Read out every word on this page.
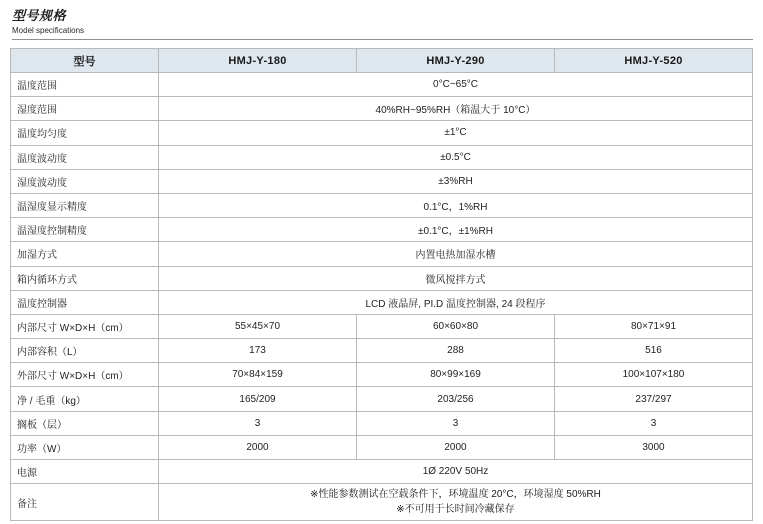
型号规格
Model specifications
型号	HMJ-Y-180	HMJ-Y-290	HMJ-Y-520
温度范围	0°C~65°C		
湿度范围	40%RH~95%RH（箱温大于 10°C）		
温度均匀度	±1°C		
温度波动度	±0.5°C		
湿度波动度	±3%RH		
温湿度显示精度	0.1°C，1%RH		
温湿度控制精度	±0.1°C，±1%RH		
加湿方式	内置电热加湿水槽		
箱内循环方式	微风搅拌方式		
温度控制器	LCD 液晶屏, PI.D 温度控制器, 24 段程序		
内部尺寸 W×D×H（cm）	55×45×70	60×60×80	80×71×91
内部容积（L）	173	288	516
外部尺寸 W×D×H（cm）	70×84×159	80×99×169	100×107×180
净 / 毛重（kg）	165/209	203/256	237/297
搁板（层）	3	3	3
功率（W）	2000	2000	3000
电源	1Ø 220V 50Hz		
备注	※性能参数测试在空载条件下，环境温度 20°C，环境湿度 50%RH
※不可用于长时间冷藏保存		
